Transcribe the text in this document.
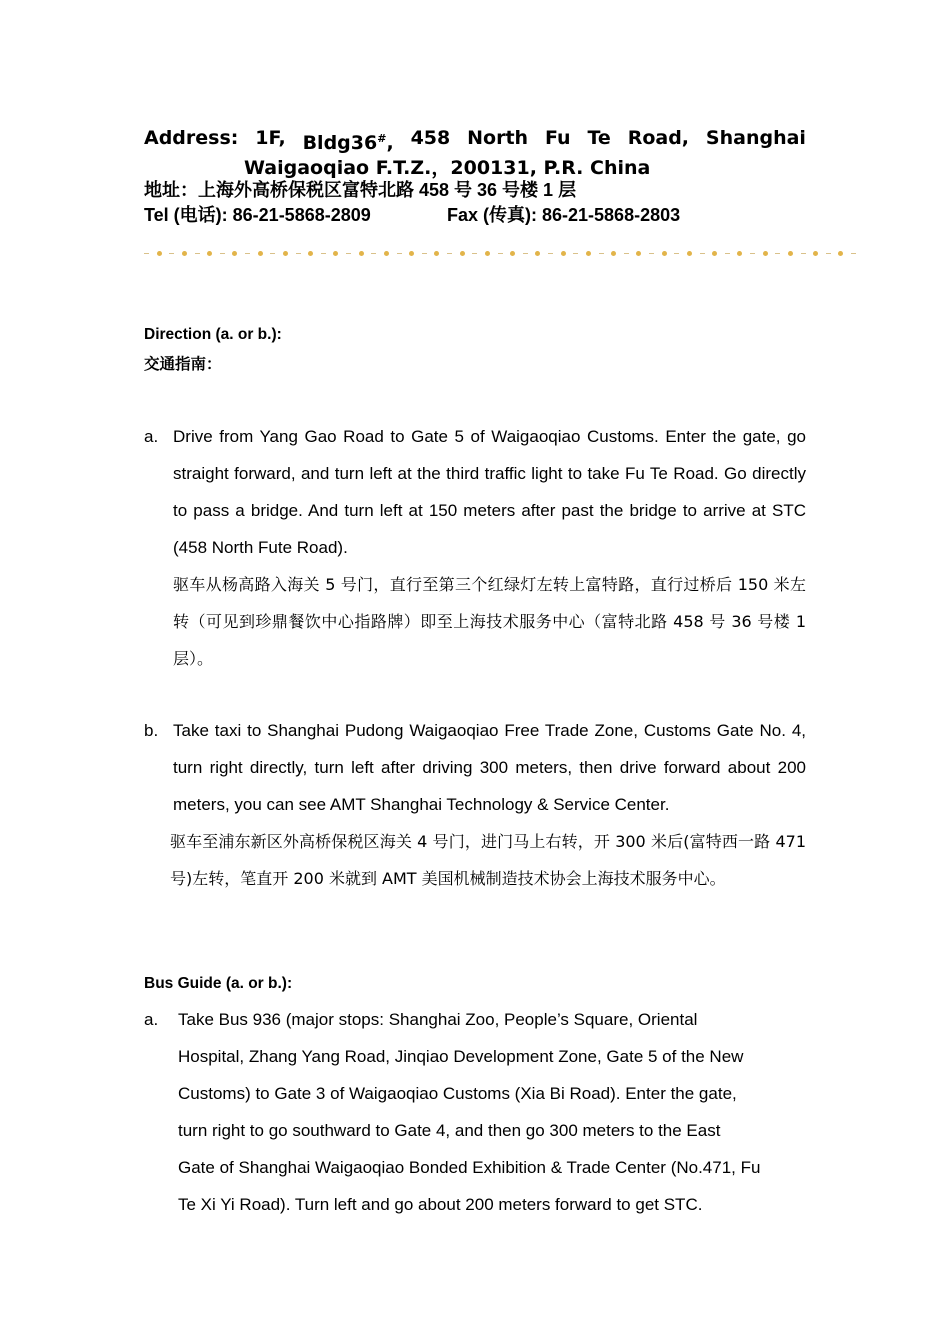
Address: 1F, Bldg36#, 458 North Fu Te Road, Shanghai
Waigaoqiao F.T.Z.，200131, P.R. China

地址：上海外高桥保税区富特北路 458 号 36 号楼 1 层

Tel (电话): 86-21-5868-2809	Fax (传真): 86-21-5868-2803

Direction (a. or b.):

交通指南：

a. Drive from Yang Gao Road to Gate 5 of Waigaoqiao Customs. Enter the gate, go straight forward, and turn left at the third traffic light to take Fu Te Road. Go directly to pass a bridge. And turn left at 150 meters after past the bridge to arrive at STC (458 North Fute Road).

驱车从杨高路入海关 5 号门，直行至第三个红绿灯左转上富特路，直行过桥后 150 米左转（可见到珍鼎餐饮中心指路牌）即至上海技术服务中心（富特北路 458 号 36 号楼 1 层）。

b. Take taxi to Shanghai Pudong Waigaoqiao Free Trade Zone, Customs Gate No. 4, turn right directly, turn left after driving 300 meters, then drive forward about 200 meters, you can see AMT Shanghai Technology & Service Center.

驱车至浦东新区外高桥保税区海关 4 号门，进门马上右转，开 300 米后(富特西一路 471 号)左转，笔直开 200 米就到 AMT 美国机械制造技术协会上海技术服务中心。

Bus Guide (a. or b.):

a. Take Bus 936 (major stops: Shanghai Zoo, People’s Square, Oriental
Hospital, Zhang Yang Road, Jinqiao Development Zone, Gate 5 of the New
Customs) to Gate 3 of Waigaoqiao Customs (Xia Bi Road). Enter the gate,
turn right to go southward to Gate 4, and then go 300 meters to the East
Gate of Shanghai Waigaoqiao Bonded Exhibition & Trade Center (No.471, Fu
Te Xi Yi Road). Turn left and go about 200 meters forward to get STC.
